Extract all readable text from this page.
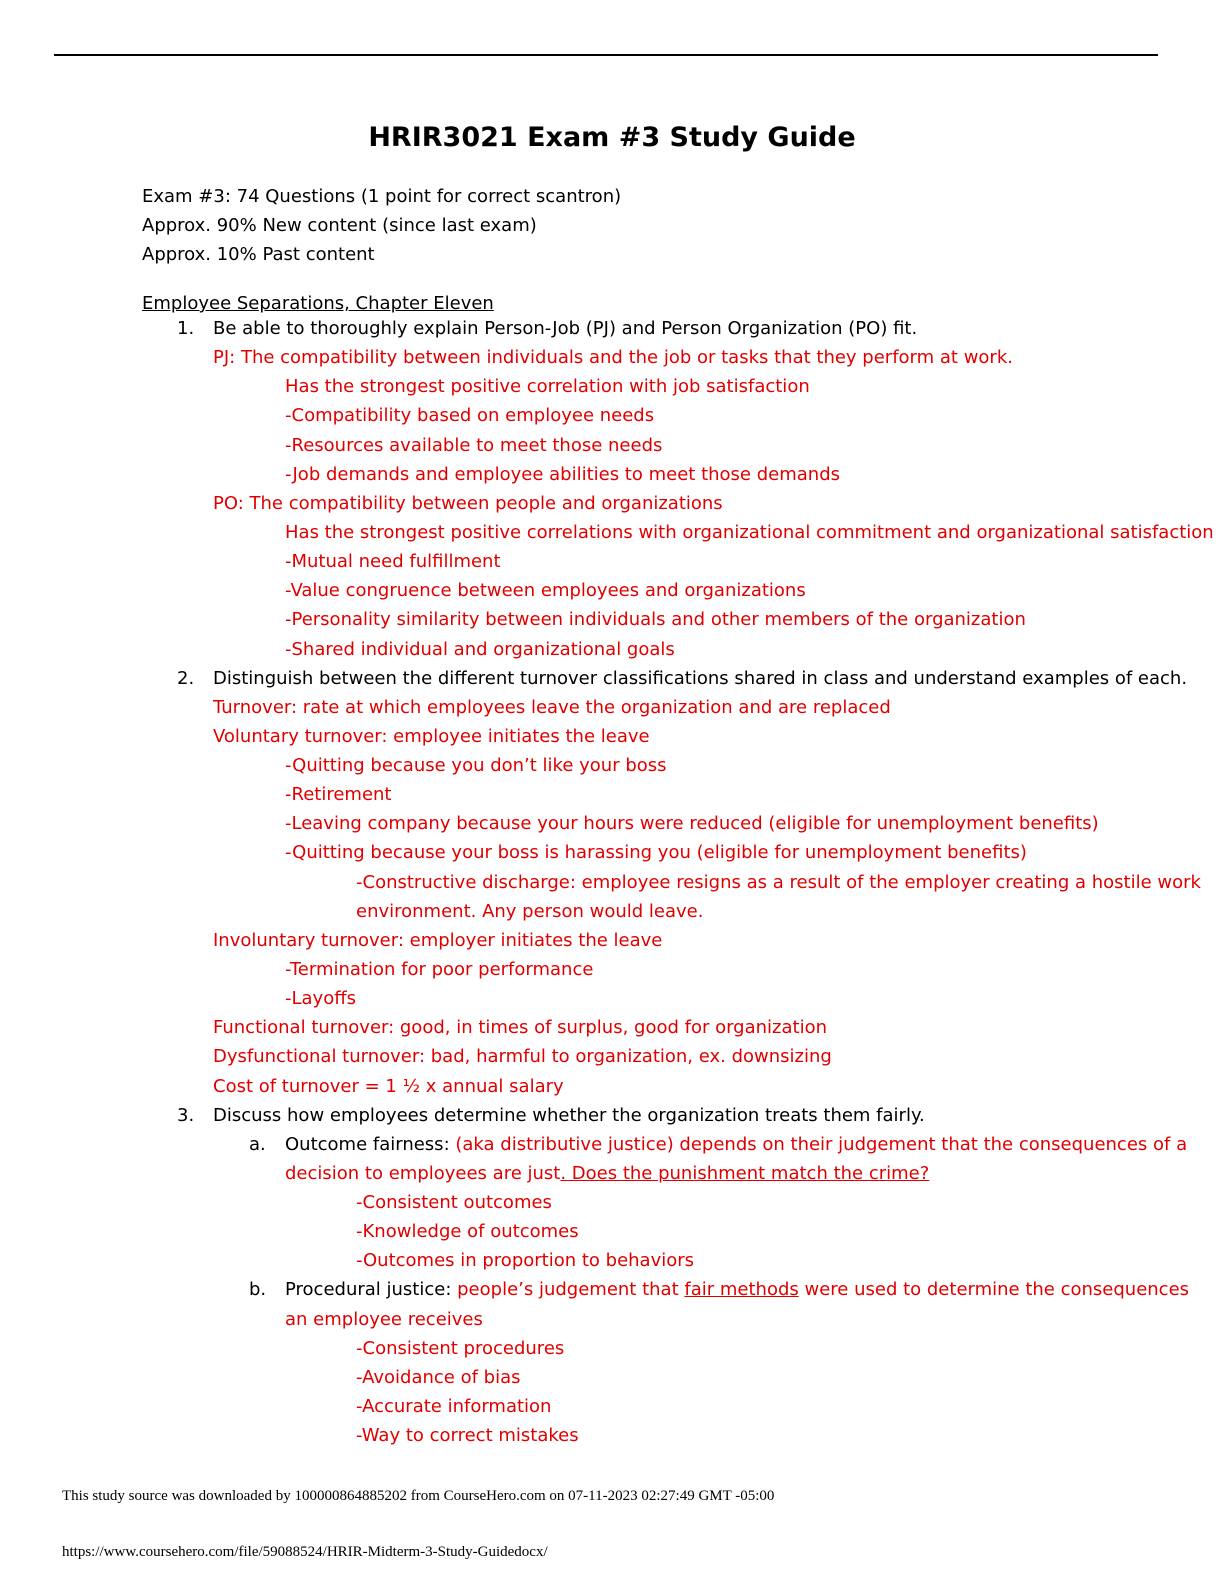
HRIR3021 Exam #3 Study Guide
Exam #3: 74 Questions (1 point for correct scantron)
Approx. 90% New content (since last exam)
Approx. 10% Past content
Employee Separations, Chapter Eleven
1. Be able to thoroughly explain Person-Job (PJ) and Person Organization (PO) fit.
PJ: The compatibility between individuals and the job or tasks that they perform at work.
Has the strongest positive correlation with job satisfaction
-Compatibility based on employee needs
-Resources available to meet those needs
-Job demands and employee abilities to meet those demands
PO: The compatibility between people and organizations
Has the strongest positive correlations with organizational commitment and organizational satisfaction
-Mutual need fulfillment
-Value congruence between employees and organizations
-Personality similarity between individuals and other members of the organization
-Shared individual and organizational goals
2. Distinguish between the different turnover classifications shared in class and understand examples of each.
Turnover: rate at which employees leave the organization and are replaced
Voluntary turnover: employee initiates the leave
-Quitting because you don’t like your boss
-Retirement
-Leaving company because your hours were reduced (eligible for unemployment benefits)
-Quitting because your boss is harassing you (eligible for unemployment benefits)
-Constructive discharge: employee resigns as a result of the employer creating a hostile work
environment. Any person would leave.
Involuntary turnover: employer initiates the leave
-Termination for poor performance
-Layoffs
Functional turnover: good, in times of surplus, good for organization
Dysfunctional turnover: bad, harmful to organization, ex. downsizing
Cost of turnover = 1 ½ x annual salary
3. Discuss how employees determine whether the organization treats them fairly.
a. Outcome fairness: (aka distributive justice) depends on their judgement that the consequences of a
decision to employees are just. Does the punishment match the crime?
-Consistent outcomes
-Knowledge of outcomes
-Outcomes in proportion to behaviors
b. Procedural justice: people’s judgement that fair methods were used to determine the consequences
an employee receives
-Consistent procedures
-Avoidance of bias
-Accurate information
-Way to correct mistakes
This study source was downloaded by 100000864885202 from CourseHero.com on 07-11-2023 02:27:49 GMT -05:00
https://www.coursehero.com/file/59088524/HRIR-Midterm-3-Study-Guidedocx/
